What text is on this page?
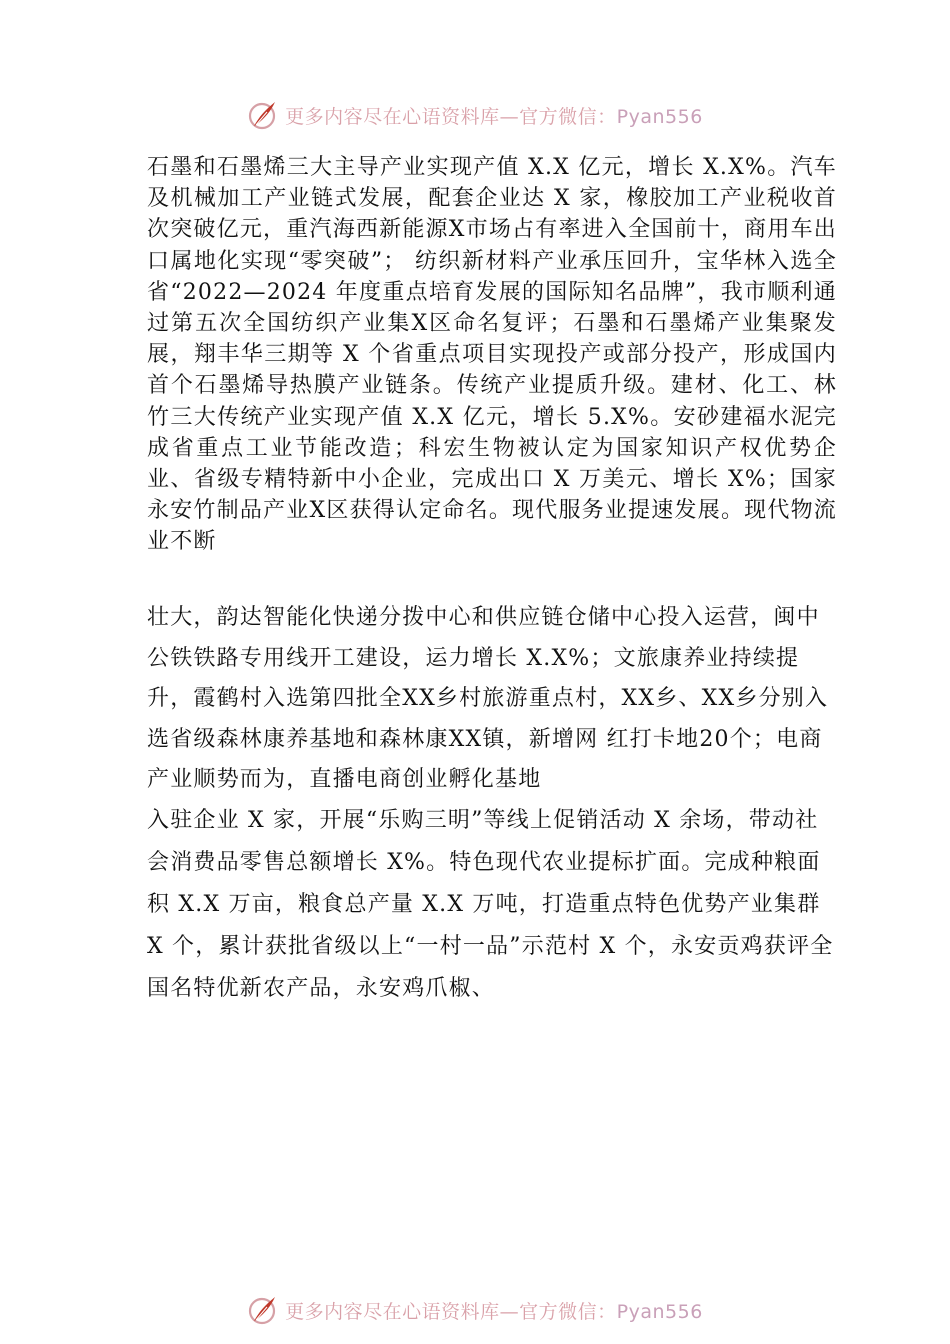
更多内容尽在心语资料库—官方微信：Pyan556
石墨和石墨烯三大主导产业实现产值 X.X 亿元，增长 X.X%。汽车及机械加工产业链式发展，配套企业达 X 家，橡胶加工产业税收首次突破亿元，重汽海西新能源X市场占有率进入全国前十，商用车出口属地化实现“零突破”； 纺织新材料产业承压回升，宝华林入选全省“2022—2024 年度重点培育发展的国际知名品牌”，我市顺利通过第五次全国纺织产业集X区命名复评；石墨和石墨烯产业集聚发展，翔丰华三期等 X 个省重点项目实现投产或部分投产，形成国内首个石墨烯导热膜产业链条。传统产业提质升级。建材、化工、林竹三大传统产业实现产值 X.X 亿元，增长 5.X%。安砂建福水泥完成省重点工业节能改造；科宏生物被认定为国家知识产权优势企业、省级专精特新中小企业，完成出口 X 万美元、增长 X%；国家永安竹制品产业X区获得认定命名。现代服务业提速发展。现代物流业不断
壮大，韵达智能化快递分拨中心和供应链仓储中心投入运营，闽中公铁铁路专用线开工建设，运力增长 X.X%；文旅康养业持续提升，霞鹤村入选第四批全XX乡村旅游重点村，XX乡、XX乡分别入选省级森林康养基地和森林康XX镇，新增网 红打卡地20个；电商产业顺势而为，直播电商创业孵化基地
入驻企业 X 家，开展“乐购三明”等线上促销活动 X 余场，带动社会消费品零售总额增长 X%。特色现代农业提标扩面。完成种粮面积 X.X 万亩，粮食总产量 X.X 万吨，打造重点特色优势产业集群 X 个，累计获批省级以上“一村一品”示范村 X 个，永安贡鸡获评全国名特优新农产品，永安鸡爪椒、
更多内容尽在心语资料库—官方微信：Pyan556
